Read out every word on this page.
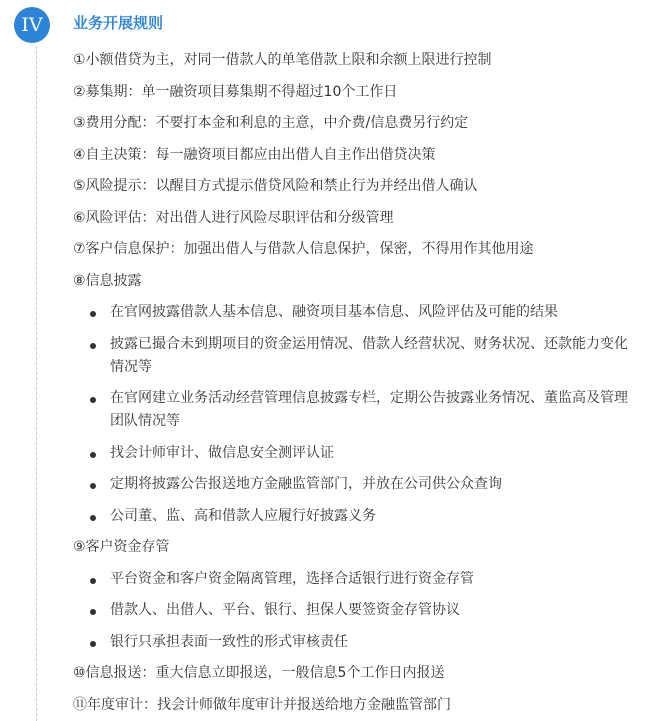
IV	业务开展规则
①小额借贷为主，对同一借款人的单笔借款上限和余额上限进行控制
②募集期：单一融资项目募集期不得超过10个工作日
③费用分配：不要打本金和利息的主意，中介费/信息费另行约定
④自主决策：每一融资项目都应由出借人自主作出借贷决策
⑤风险提示：以醒目方式提示借贷风险和禁止行为并经出借人确认
⑥风险评估：对出借人进行风险尽职评估和分级管理
⑦客户信息保护：加强出借人与借款人信息保护，保密，不得用作其他用途
⑧信息披露
在官网披露借款人基本信息、融资项目基本信息、风险评估及可能的结果
披露已撮合未到期项目的资金运用情况、借款人经营状况、财务状况、还款能力变化情况等
在官网建立业务活动经营管理信息披露专栏，定期公告披露业务情况、董监高及管理团队情况等
找会计师审计、做信息安全测评认证
定期将披露公告报送地方金融监管部门，并放在公司供公众查询
公司董、监、高和借款人应履行好披露义务
⑨客户资金存管
平台资金和客户资金隔离管理，选择合适银行进行资金存管
借款人、出借人、平台、银行、担保人要签资金存管协议
银行只承担表面一致性的形式审核责任
⑩信息报送：重大信息立即报送，一般信息5个工作日内报送
⑪年度审计：找会计师做年度审计并报送给地方金融监管部门
